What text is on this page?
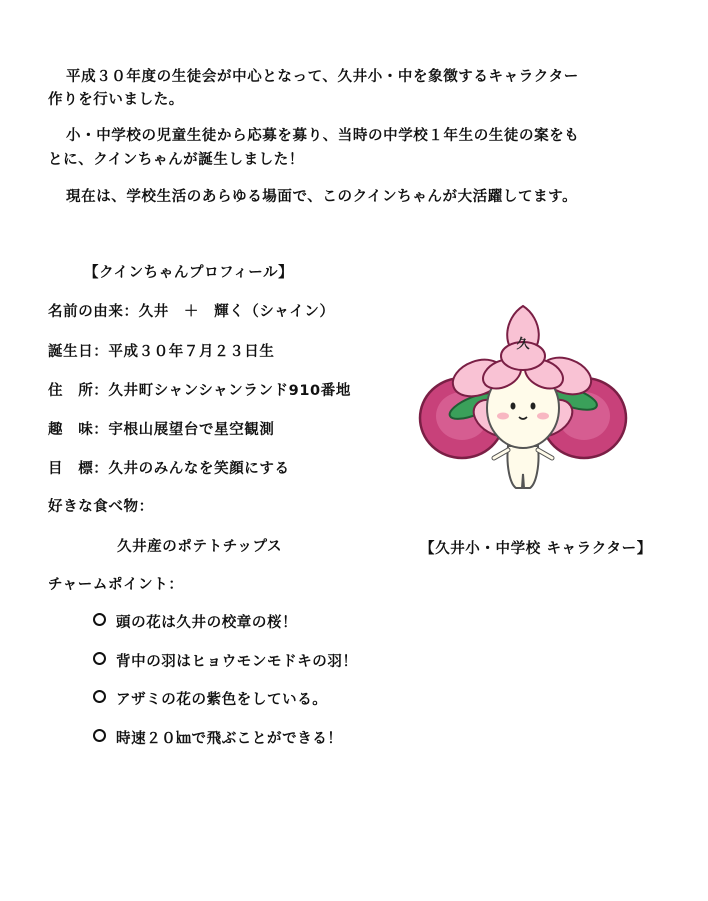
平成３０年度の生徒会が中心となって、久井小・中を象徴するキャラクター
作りを行いました。
小・中学校の児童生徒から応募を募り、当時の中学校１年生の生徒の案をも
とに、クインちゃんが誕生しました！
現在は、学校生活のあらゆる場面で、このクインちゃんが大活躍してます。
【クインちゃんプロフィール】
名前の由来：久井　＋　輝く（シャイン）
誕生日：平成３０年７月２３日生
住　所：久井町シャンシャンランド910番地
趣　味：宇根山展望台で星空観測
目　標：久井のみんなを笑顔にする
好きな食べ物：
久井産のポテトチップス
チャームポイント：
頭の花は久井の校章の桜！
背中の羽はヒョウモンモドキの羽！
アザミの花の紫色をしている。
時速２０㎞で飛ぶことができる！
久
【久井小・中学校 キャラクター】
